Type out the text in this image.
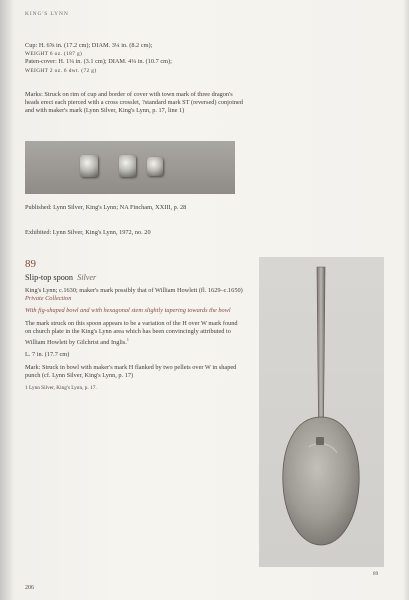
KING'S LYNN
Cup: H. 6⅝ in. (17.2 cm); DIAM. 3¼ in. (8.2 cm);
WEIGHT 6 oz. (187 g)
Paten-cover: H. 1¼ in. (3.1 cm); DIAM. 4¼ in. (10.7 cm);
WEIGHT 2 oz. 6 dwt. (72 g)

Marks: Struck on rim of cup and border of cover with town mark of three dragon's heads erect each pierced with a cross crosslet, ?standard mark ST (reversed) conjoined and with maker's mark (Lynn Silver, King's Lynn, p. 17, line 1)

Published: Lynn Silver, King's Lynn; NA Fincham, XXIII, p. 28

Exhibited: Lynn Silver, King's Lynn, 1972, no. 20

89
Slip-top spoon Silver

King's Lynn; c.1630; maker's mark possibly that of William Howlett (fl. 1629–c.1650)

Private Collection

With fig-shaped bowl and with hexagonal stem slightly tapering towards the bowl

The mark struck on this spoon appears to be a variation of the H over W mark found on church plate in the King's Lynn area which has been convincingly attributed to William Howlett by Gilchrist and Inglis.$^1$

L. 7 in. (17.7 cm)

Mark: Struck in bowl with maker's mark H flanked by two pellets over W in shaped punch (cf. Lynn Silver, King's Lynn, p. 17)

1 Lynn Silver, King's Lynn, p. 17.

89
206
